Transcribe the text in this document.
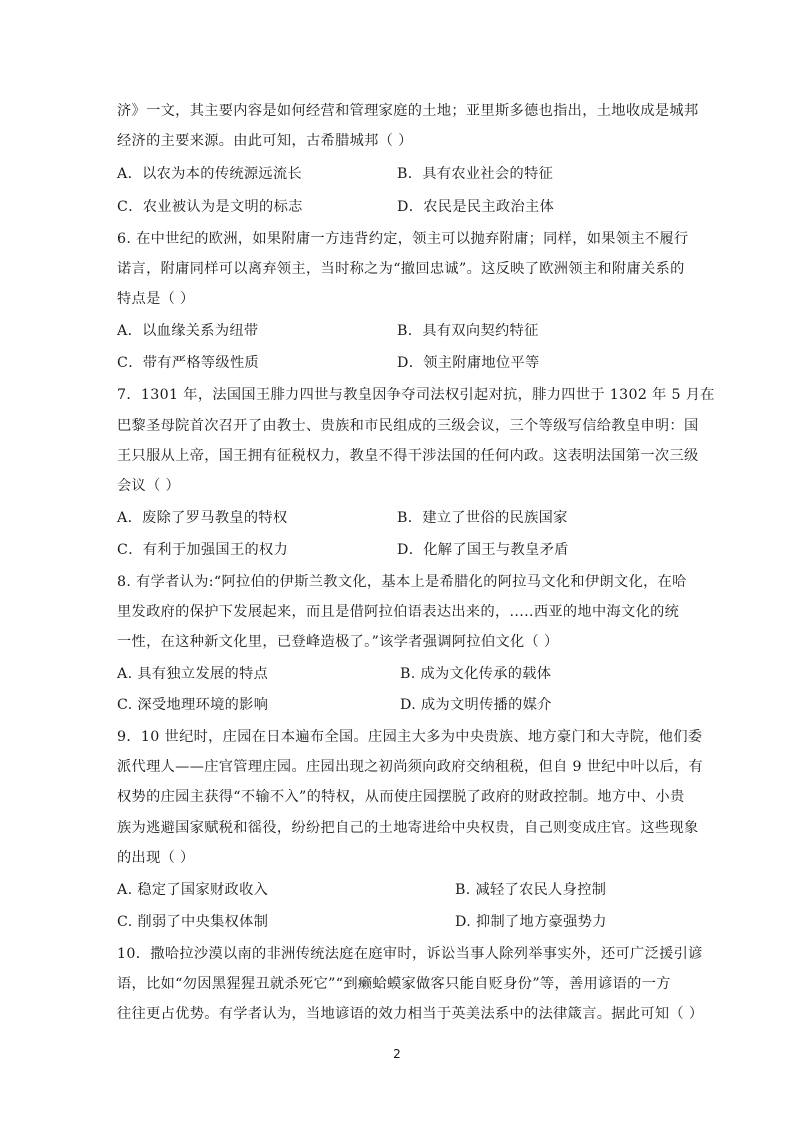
济》一文，其主要内容是如何经营和管理家庭的土地；亚里斯多德也指出，土地收成是城邦
经济的主要来源。由此可知，古希腊城邦（ ）
A．以农为本的传统源远流长	B．具有农业社会的特征
C．农业被认为是文明的标志	D．农民是民主政治主体
6. 在中世纪的欧洲，如果附庸一方违背约定，领主可以抛弃附庸；同样，如果领主不履行
诺言，附庸同样可以离弃领主，当时称之为“撤回忠诚”。这反映了欧洲领主和附庸关系的
特点是（ ）
A．以血缘关系为纽带	B．具有双向契约特征
C．带有严格等级性质	D．领主附庸地位平等
7．1301 年，法国国王腓力四世与教皇因争夺司法权引起对抗，腓力四世于 1302 年 5 月在
巴黎圣母院首次召开了由教士、贵族和市民组成的三级会议，三个等级写信给教皇申明：国
王只服从上帝，国王拥有征税权力，教皇不得干涉法国的任何内政。这表明法国第一次三级
会议（ ）
A．废除了罗马教皇的特权	B．建立了世俗的民族国家
C．有利于加强国王的权力	D．化解了国王与教皇矛盾
8. 有学者认为:“阿拉伯的伊斯兰教文化，基本上是希腊化的阿拉马文化和伊朗文化，在哈
里发政府的保护下发展起来，而且是借阿拉伯语表达出来的，.....西亚的地中海文化的统
一性，在这种新文化里，已登峰造极了。”该学者强调阿拉伯文化（ ）
A. 具有独立发展的特点	B. 成为文化传承的载体
C. 深受地理环境的影响	D. 成为文明传播的媒介
9．10 世纪时，庄园在日本遍布全国。庄园主大多为中央贵族、地方豪门和大寺院，他们委
派代理人——庄官管理庄园。庄园出现之初尚须向政府交纳租税，但自 9 世纪中叶以后，有
权势的庄园主获得“不输不入”的特权，从而使庄园摆脱了政府的财政控制。地方中、小贵
族为逃避国家赋税和徭役，纷纷把自己的土地寄进给中央权贵，自己则变成庄官。这些现象
的出现（ ）
A. 稳定了国家财政收入	B. 减轻了农民人身控制
C. 削弱了中央集权体制	D. 抑制了地方豪强势力
10．撒哈拉沙漠以南的非洲传统法庭在庭审时，诉讼当事人除列举事实外，还可广泛援引谚
语，比如“勿因黑猩猩丑就杀死它”“到癞蛤蟆家做客只能自贬身份”等，善用谚语的一方
往往更占优势。有学者认为，当地谚语的效力相当于英美法系中的法律箴言。据此可知（ ）
2
